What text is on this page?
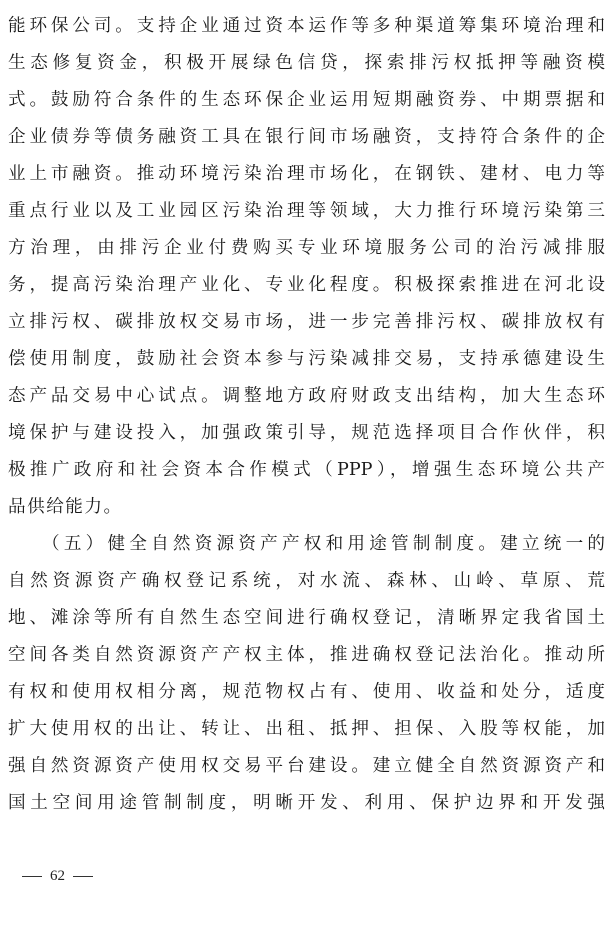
能环保公司。支持企业通过资本运作等多种渠道筹集环境治理和
生态修复资金，积极开展绿色信贷，探索排污权抵押等融资模
式。鼓励符合条件的生态环保企业运用短期融资券、中期票据和
企业债券等债务融资工具在银行间市场融资，支持符合条件的企
业上市融资。推动环境污染治理市场化，在钢铁、建材、电力等
重点行业以及工业园区污染治理等领域，大力推行环境污染第三
方治理，由排污企业付费购买专业环境服务公司的治污减排服
务，提高污染治理产业化、专业化程度。积极探索推进在河北设
立排污权、碳排放权交易市场，进一步完善排污权、碳排放权有
偿使用制度，鼓励社会资本参与污染减排交易，支持承德建设生
态产品交易中心试点。调整地方政府财政支出结构，加大生态环
境保护与建设投入，加强政策引导，规范选择项目合作伙伴，积
极推广政府和社会资本合作模式（PPP），增强生态环境公共产
品供给能力。
（五）健全自然资源资产产权和用途管制制度。建立统一的
自然资源资产确权登记系统，对水流、森林、山岭、草原、荒
地、滩涂等所有自然生态空间进行确权登记，清晰界定我省国土
空间各类自然资源资产产权主体，推进确权登记法治化。推动所
有权和使用权相分离，规范物权占有、使用、收益和处分，适度
扩大使用权的出让、转让、出租、抵押、担保、入股等权能，加
强自然资源资产使用权交易平台建设。建立健全自然资源资产和
国土空间用途管制制度，明晰开发、利用、保护边界和开发强
62
